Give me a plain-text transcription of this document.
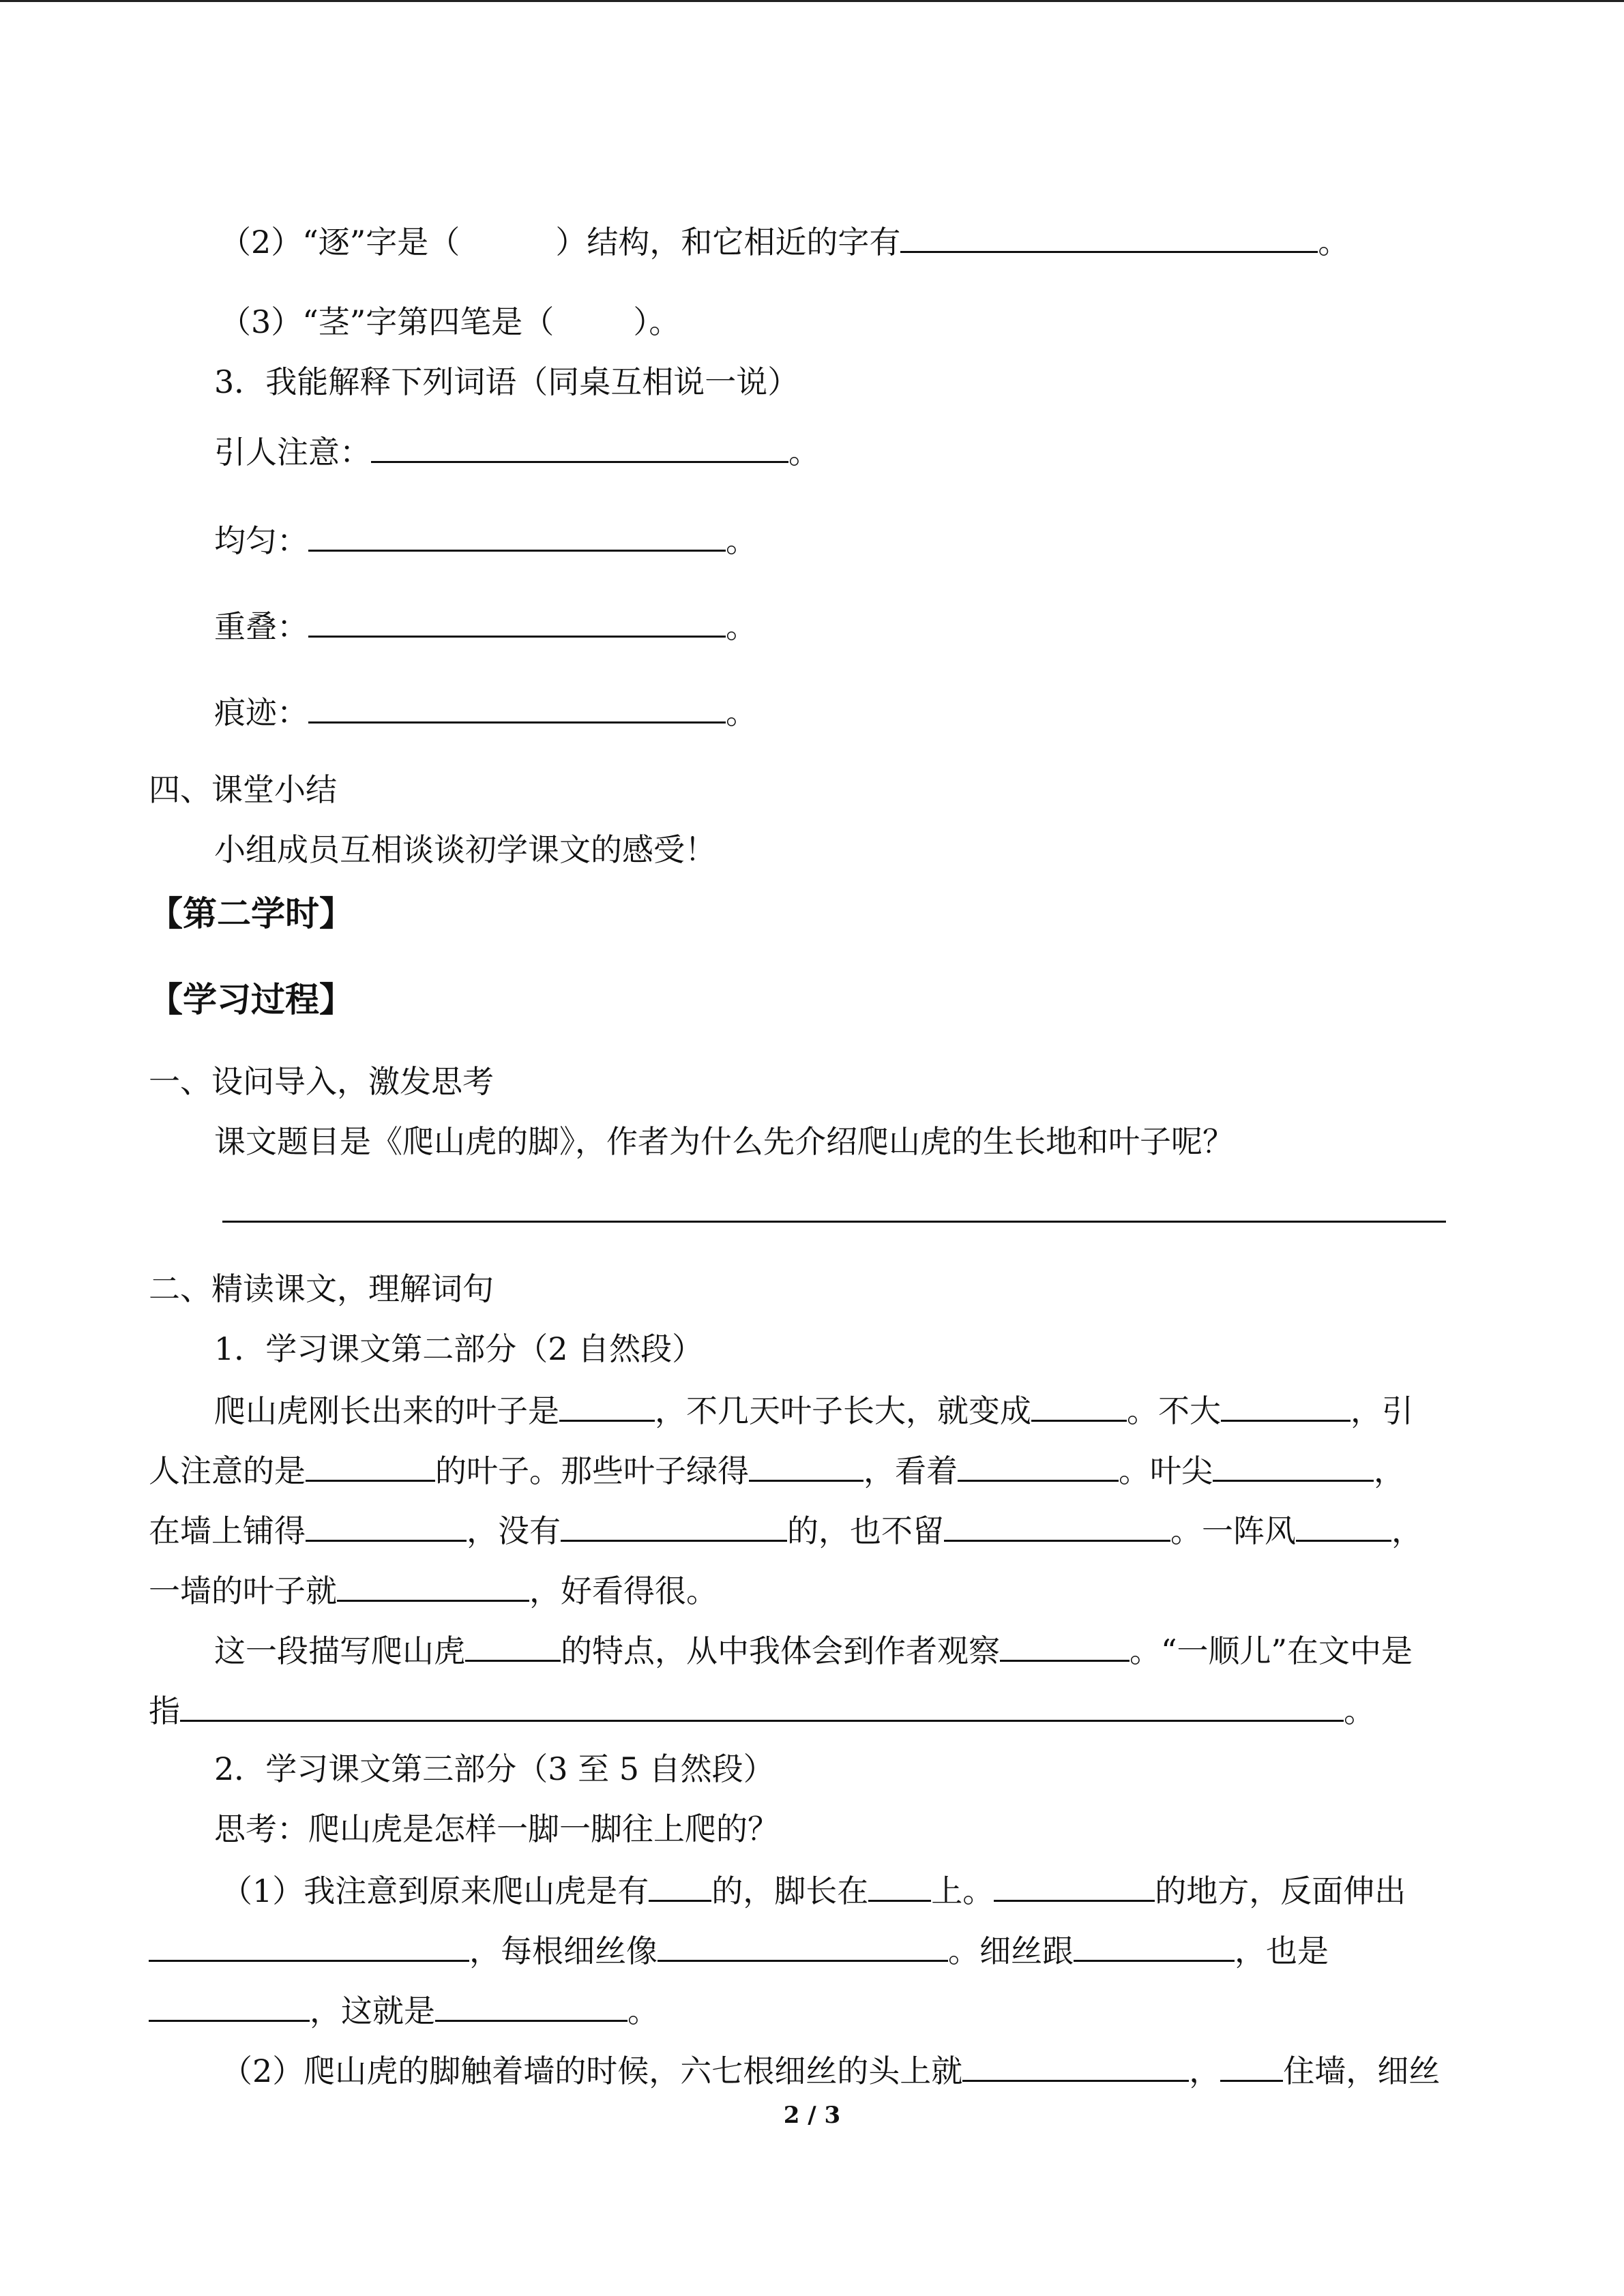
（2）“逐”字是（	）结构，和它相近的字有	。
（3）“茎”字第四笔是（	）。
3．我能解释下列词语（同桌互相说一说）
引人注意：	。
均匀：	。
重叠：	。
痕迹：	。
四、课堂小结
小组成员互相谈谈初学课文的感受！
【第二学时】
【学习过程】
一、设问导入，激发思考
课文题目是《爬山虎的脚》，作者为什么先介绍爬山虎的生长地和叶子呢？
二、精读课文，理解词句
1．学习课文第二部分（2 自然段）
爬山虎刚长出来的叶子是	，不几天叶子长大，就变成	。不大	，引
人注意的是	的叶子。那些叶子绿得	，看着	。叶尖	，
在墙上铺得	，没有	的，也不留	。一阵风	，
一墙的叶子就	，好看得很。
这一段描写爬山虎	的特点，从中我体会到作者观察	。“一顺儿”在文中是
指	。
2．学习课文第三部分（3 至 5 自然段）
思考：爬山虎是怎样一脚一脚往上爬的？
（1）我注意到原来爬山虎是有 的，脚长在 上。	的地方，反面伸出
，每根细丝像	。细丝跟	，也是
，这就是	。
（2）爬山虎的脚触着墙的时候，六七根细丝的头上就	， 住墙，细丝
2 / 3
